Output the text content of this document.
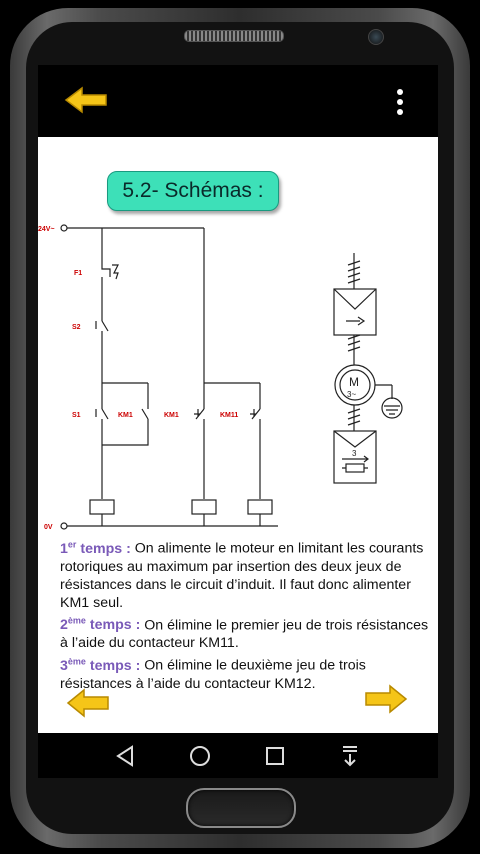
5.2- Schémas :
24V~
0V
F1
S2
S1	KM1	KM1	KM11
M
3~
3
1er temps : On alimente le moteur en limitant les courants rotoriques au maximum par insertion des deux jeux de résistances dans le circuit d’induit. Il faut donc alimenter KM1 seul.
2ème temps : On élimine le premier jeu de trois résistances à l’aide du contacteur KM11.
3ème temps : On élimine le deuxième jeu de trois résistances à l’aide du contacteur KM12.
